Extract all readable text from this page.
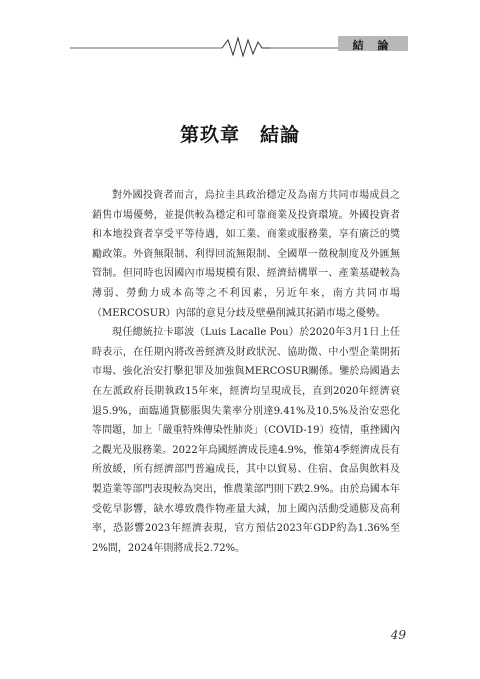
結 論
第玖章　結論

對外國投資者而言，烏拉圭具政治穩定及為南方共同市場成員之銷售市場優勢，並提供較為穩定和可靠商業及投資環境。外國投資者和本地投資者享受平等待遇，如工業、商業或服務業，享有廣泛的獎勵政策。外資無限制、利得回流無限制、全國單一徵稅制度及外匯無管制。但同時也因國內市場規模有限、經濟結構單一、產業基礎較為薄弱、勞動力成本高等之不利因素，另近年來，南方共同市場（MERCOSUR）內部的意見分歧及壁壘削減其拓銷市場之優勢。

現任總統拉卡耶波（Luis Lacalle Pou）於2020年3月1日上任時表示，在任期內將改善經濟及財政狀況、協助微、中小型企業開拓市場、強化治安打擊犯罪及加強與MERCOSUR關係。鑒於烏國過去在左派政府長期執政15年來，經濟均呈現成長，直到2020年經濟衰退5.9%，面臨通貨膨脹與失業率分別達9.41%及10.5%及治安惡化等問題，加上「嚴重特殊傳染性肺炎」（COVID-19）疫情，重挫國內之觀光及服務業。2022年烏國經濟成長達4.9%，惟第4季經濟成長有所放緩，所有經濟部門普遍成長，其中以貿易、住宿、食品與飲料及製造業等部門表現較為突出，惟農業部門則下跌2.9%。由於烏國本年受乾旱影響，缺水導致農作物產量大減，加上國內活動受通膨及高利率，恐影響2023年經濟表現，官方預估2023年GDP約為1.36%至2%間，2024年則將成長2.72%。

49
